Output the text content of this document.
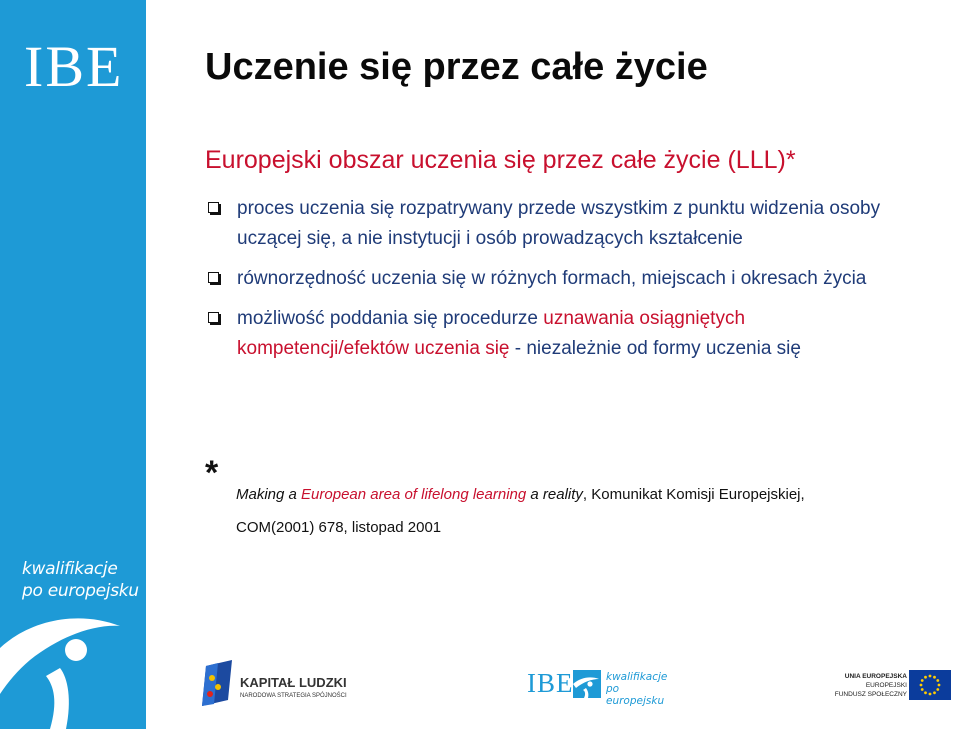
IBE
kwalifikacje
po europejsku
Uczenie się przez całe życie
Europejski obszar uczenia się przez całe życie (LLL)*
proces uczenia się rozpatrywany przede wszystkim z punktu widzenia osoby uczącej się, a nie instytucji i osób prowadzących kształcenie
równorzędność uczenia się w różnych formach, miejscach i okresach życia
możliwość poddania się procedurze uznawania osiągniętych
kompetencji/efektów uczenia się - niezależnie od formy uczenia się
*
Making a European area of lifelong learning a reality, Komunikat Komisji Europejskiej,
COM(2001) 678, listopad 2001
KAPITAŁ LUDZKI
NARODOWA STRATEGIA SPÓJNOŚCI	IBE	kwalifikacje
po europejsku
UNIA EUROPEJSKA
EUROPEJSKI
FUNDUSZ SPOŁECZNY
